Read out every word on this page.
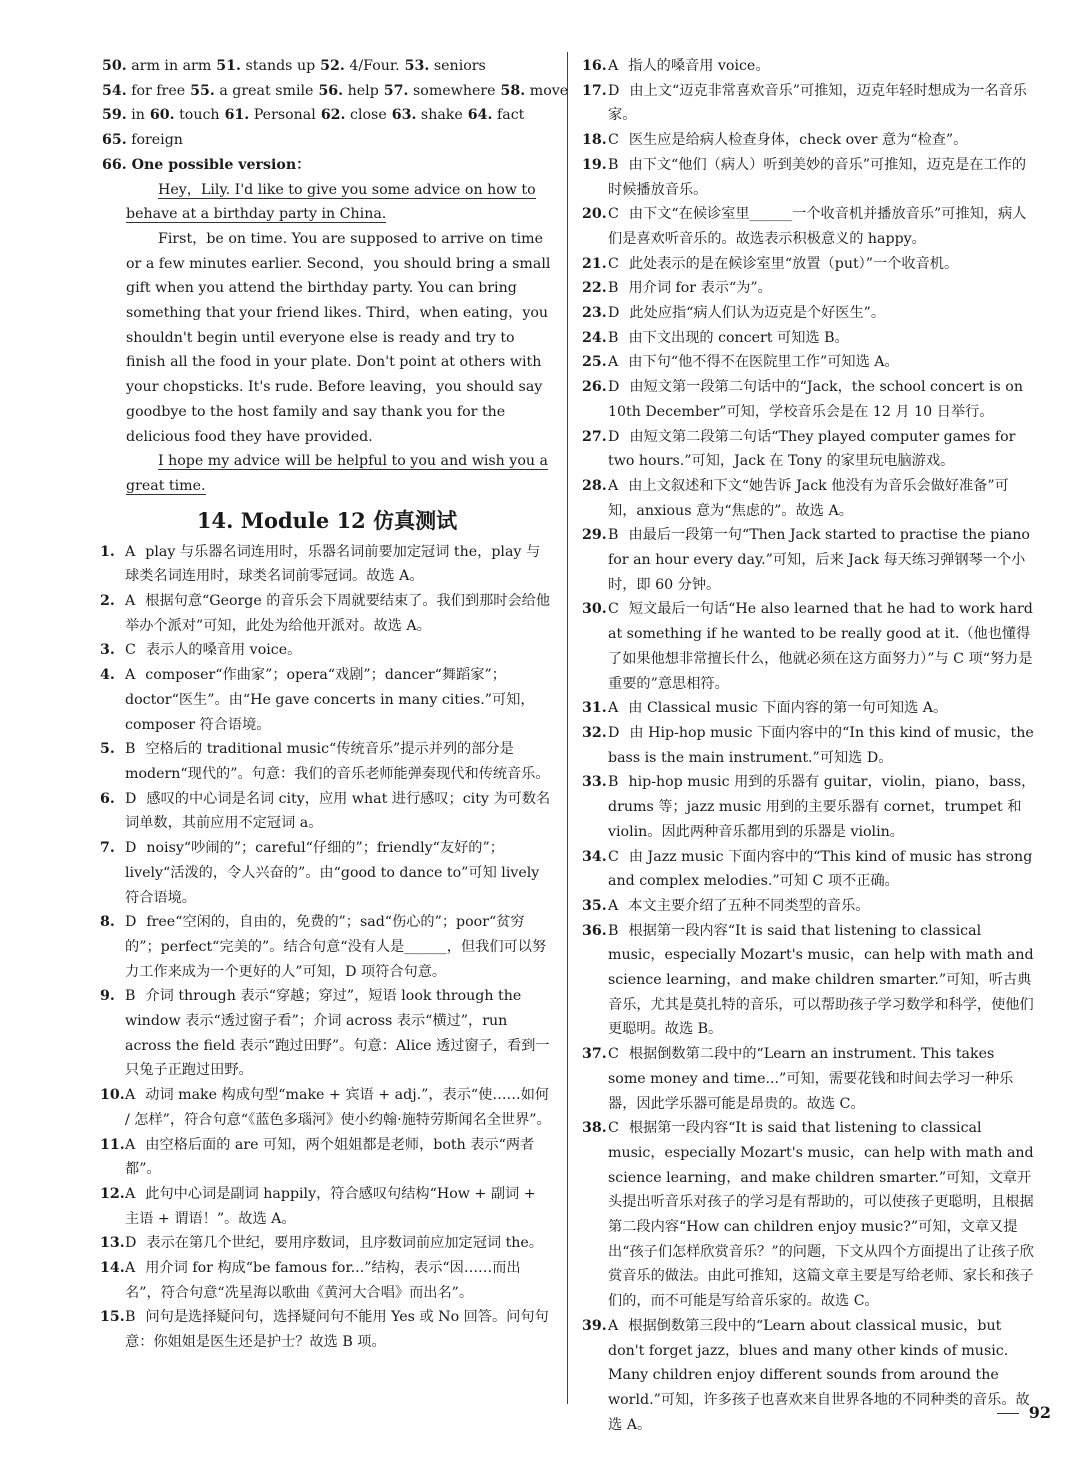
50. arm in arm 51. stands up 52. 4/Four. 53. seniors
54. for free 55. a great smile 56. help 57. somewhere 58. move
59. in 60. touch 61. Personal 62. close 63. shake 64. fact
65. foreign
66. One possible version：

Hey，Lily. I'd like to give you some advice on how to behave at a birthday party in China.

First，be on time. You are supposed to arrive on time or a few minutes earlier. Second，you should bring a small gift when you attend the birthday party. You can bring something that your friend likes. Third，when eating，you shouldn't begin until everyone else is ready and try to finish all the food in your plate. Don't point at others with your chopsticks. It's rude. Before leaving，you should say goodbye to the host family and say thank you for the delicious food they have provided.

I hope my advice will be helpful to you and wish you a great time.

14. Module 12 仿真测试
1. A play 与乐器名词连用时，乐器名词前要加定冠词 the，play 与球类名词连用时，球类名词前零冠词。故选 A。
2. A 根据句意“George 的音乐会下周就要结束了。我们到那时会给他举办个派对”可知，此处为给他开派对。故选 A。
3. C 表示人的嗓音用 voice。
4. A composer“作曲家”；opera“戏剧”；dancer“舞蹈家”；doctor“医生”。由“He gave concerts in many cities.”可知，composer 符合语境。
5. B 空格后的 traditional music“传统音乐”提示并列的部分是 modern“现代的”。句意：我们的音乐老师能弹奏现代和传统音乐。
6. D 感叹的中心词是名词 city，应用 what 进行感叹；city 为可数名词单数，其前应用不定冠词 a。
7. D noisy“吵闹的”；careful“仔细的”；friendly“友好的”；lively“活泼的，令人兴奋的”。由“good to dance to”可知 lively 符合语境。
8. D free“空闲的，自由的，免费的”；sad“伤心的”；poor“贫穷的”；perfect“完美的”。结合句意“没有人是______，但我们可以努力工作来成为一个更好的人”可知，D 项符合句意。
9. B 介词 through 表示“穿越；穿过”，短语 look through the window 表示“透过窗子看”；介词 across 表示“横过”，run across the field 表示“跑过田野”。句意：Alice 透过窗子，看到一只兔子正跑过田野。
10. A 动词 make 构成句型“make + 宾语 + adj.”，表示“使……如何 / 怎样”，符合句意“《蓝色多瑙河》使小约翰·施特劳斯闻名全世界”。
11. A 由空格后面的 are 可知，两个姐姐都是老师，both 表示“两者都”。
12. A 此句中心词是副词 happily，符合感叹句结构“How + 副词 + 主语 + 谓语！”。故选 A。
13. D 表示在第几个世纪，要用序数词，且序数词前应加定冠词 the。
14. A 用介词 for 构成“be famous for...”结构，表示“因……而出名”，符合句意“冼星海以歌曲《黄河大合唱》而出名”。
15. B 问句是选择疑问句，选择疑问句不能用 Yes 或 No 回答。问句句意：你姐姐是医生还是护士？故选 B 项。
16. A 指人的嗓音用 voice。
17. D 由上文“迈克非常喜欢音乐”可推知，迈克年轻时想成为一名音乐家。
18. C 医生应是给病人检查身体，check over 意为“检查”。
19. B 由下文“他们（病人）听到美妙的音乐”可推知，迈克是在工作的时候播放音乐。
20. C 由下文“在候诊室里______一个收音机并播放音乐”可推知，病人们是喜欢听音乐的。故选表示积极意义的 happy。
21. C 此处表示的是在候诊室里“放置（put）”一个收音机。
22. B 用介词 for 表示“为”。
23. D 此处应指“病人们认为迈克是个好医生”。
24. B 由下文出现的 concert 可知选 B。
25. A 由下句“他不得不在医院里工作”可知选 A。
26. D 由短文第一段第二句话中的“Jack，the school concert is on 10th December”可知，学校音乐会是在 12 月 10 日举行。
27. D 由短文第二段第二句话“They played computer games for two hours.”可知，Jack 在 Tony 的家里玩电脑游戏。
28. A 由上文叙述和下文“她告诉 Jack 他没有为音乐会做好准备”可知，anxious 意为“焦虑的”。故选 A。
29. B 由最后一段第一句“Then Jack started to practise the piano for an hour every day.”可知，后来 Jack 每天练习弹钢琴一个小时，即 60 分钟。
30. C 短文最后一句话“He also learned that he had to work hard at something if he wanted to be really good at it.（他也懂得了如果他想非常擅长什么，他就必须在这方面努力）”与 C 项“努力是重要的”意思相符。
31. A 由 Classical music 下面内容的第一句可知选 A。
32. D 由 Hip-hop music 下面内容中的“In this kind of music，the bass is the main instrument.”可知选 D。
33. B hip-hop music 用到的乐器有 guitar，violin，piano，bass，drums 等；jazz music 用到的主要乐器有 cornet，trumpet 和 violin。因此两种音乐都用到的乐器是 violin。
34. C 由 Jazz music 下面内容中的“This kind of music has strong and complex melodies.”可知 C 项不正确。
35. A 本文主要介绍了五种不同类型的音乐。
36. B 根据第一段内容“It is said that listening to classical music，especially Mozart's music，can help with math and science learning，and make children smarter.”可知，听古典音乐，尤其是莫扎特的音乐，可以帮助孩子学习数学和科学，使他们更聪明。故选 B。
37. C 根据倒数第二段中的“Learn an instrument. This takes some money and time...”可知，需要花钱和时间去学习一种乐器，因此学乐器可能是昂贵的。故选 C。
38. C 根据第一段内容“It is said that listening to classical music，especially Mozart's music，can help with math and science learning，and make children smarter.”可知，文章开头提出听音乐对孩子的学习是有帮助的，可以使孩子更聪明，且根据第二段内容“How can children enjoy music?”可知，文章又提出“孩子们怎样欣赏音乐？”的问题，下文从四个方面提出了让孩子欣赏音乐的做法。由此可推知，这篇文章主要是写给老师、家长和孩子们的，而不可能是写给音乐家的。故选 C。
39. A 根据倒数第三段中的“Learn about classical music，but don't forget jazz，blues and many other kinds of music. Many children enjoy different sounds from around the world.”可知，许多孩子也喜欢来自世界各地的不同种类的音乐。故选 A。
92
